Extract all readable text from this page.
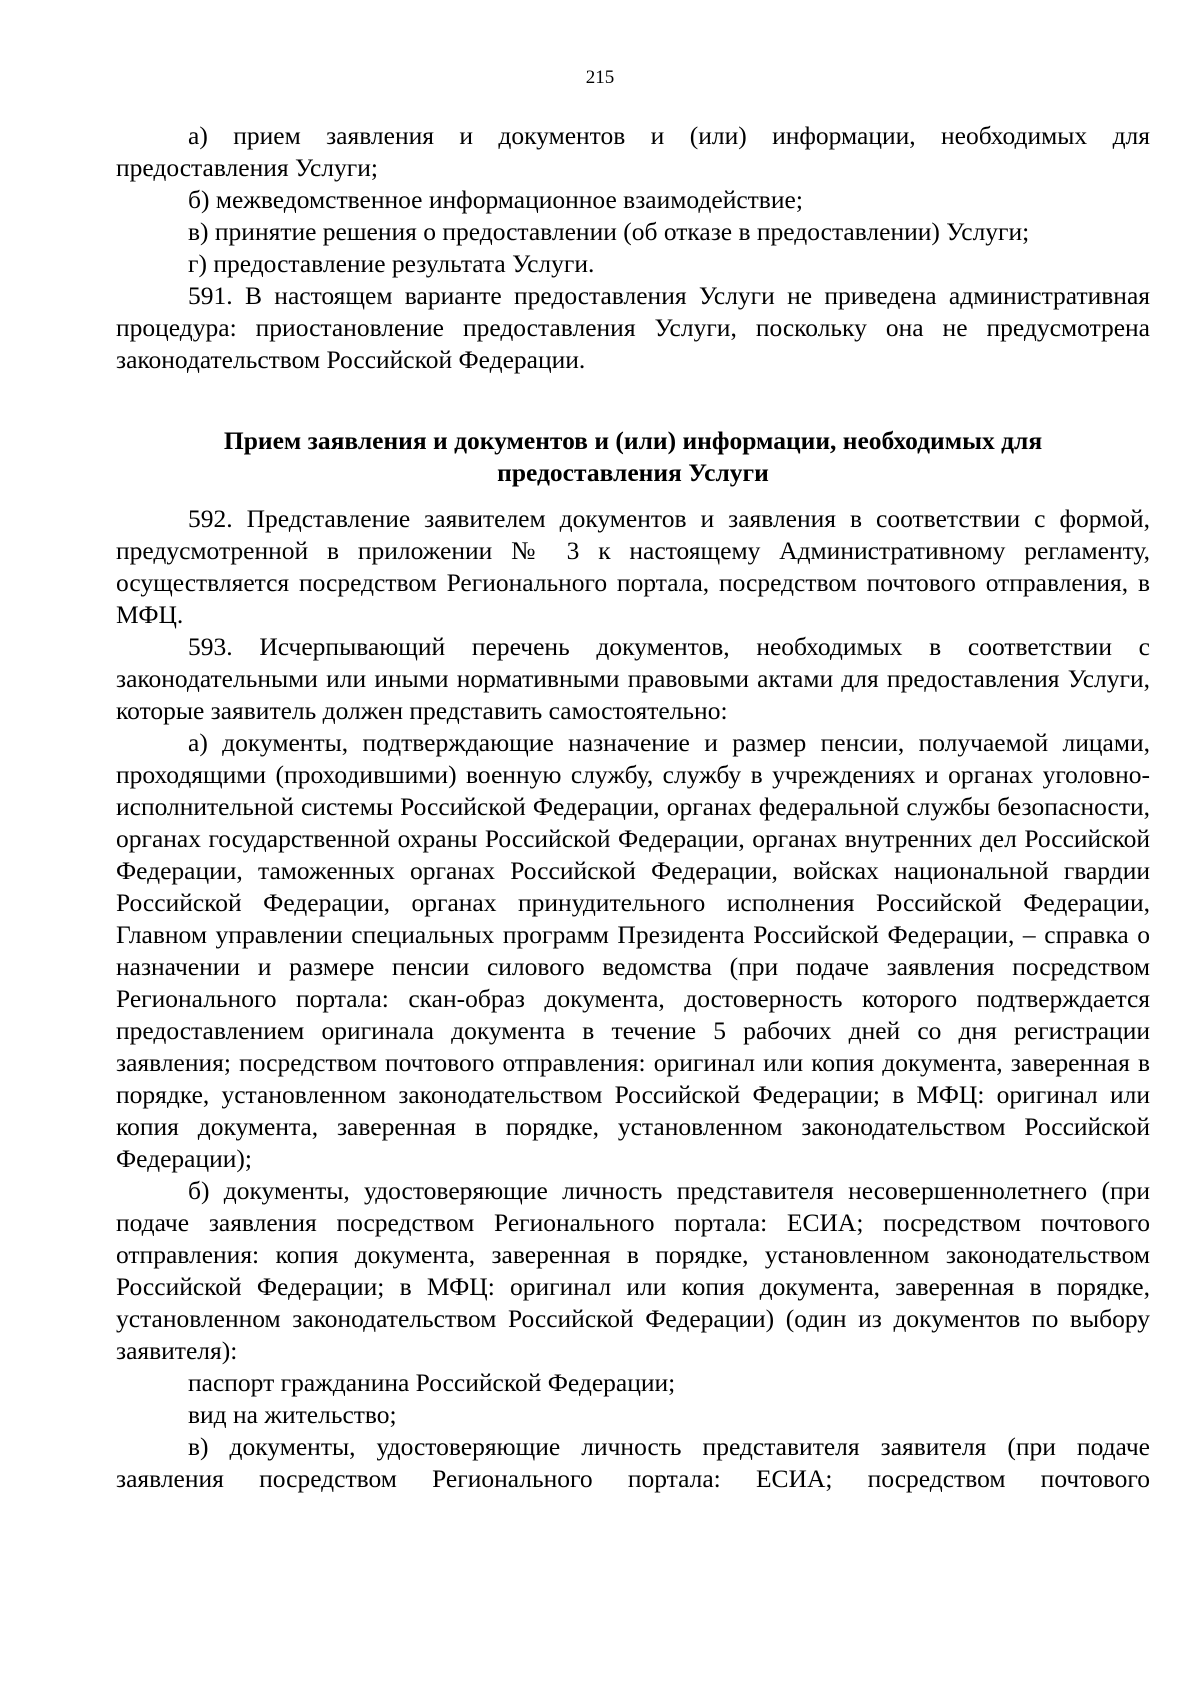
215

а) прием заявления и документов и (или) информации, необходимых для предоставления Услуги;

б) межведомственное информационное взаимодействие;

в) принятие решения о предоставлении (об отказе в предоставлении) Услуги;

г) предоставление результата Услуги.

591. В настоящем варианте предоставления Услуги не приведена административная процедура: приостановление предоставления Услуги, поскольку она не предусмотрена законодательством Российской Федерации.

Прием заявления и документов и (или) информации, необходимых для предоставления Услуги

592. Представление заявителем документов и заявления в соответствии с формой, предусмотренной в приложении № 3 к настоящему Административному регламенту, осуществляется посредством Регионального портала, посредством почтового отправления, в МФЦ.

593. Исчерпывающий перечень документов, необходимых в соответствии с законодательными или иными нормативными правовыми актами для предоставления Услуги, которые заявитель должен представить самостоятельно:

а) документы, подтверждающие назначение и размер пенсии, получаемой лицами, проходящими (проходившими) военную службу, службу в учреждениях и органах уголовно-исполнительной системы Российской Федерации, органах федеральной службы безопасности, органах государственной охраны Российской Федерации, органах внутренних дел Российской Федерации, таможенных органах Российской Федерации, войсках национальной гвардии Российской Федерации, органах принудительного исполнения Российской Федерации, Главном управлении специальных программ Президента Российской Федерации, – справка о назначении и размере пенсии силового ведомства (при подаче заявления посредством Регионального портала: скан-образ документа, достоверность которого подтверждается предоставлением оригинала документа в течение 5 рабочих дней со дня регистрации заявления; посредством почтового отправления: оригинал или копия документа, заверенная в порядке, установленном законодательством Российской Федерации; в МФЦ: оригинал или копия документа, заверенная в порядке, установленном законодательством Российской Федерации);

б) документы, удостоверяющие личность представителя несовершеннолетнего (при подаче заявления посредством Регионального портала: ЕСИА; посредством почтового отправления: копия документа, заверенная в порядке, установленном законодательством Российской Федерации; в МФЦ: оригинал или копия документа, заверенная в порядке, установленном законодательством Российской Федерации) (один из документов по выбору заявителя):

паспорт гражданина Российской Федерации;

вид на жительство;

в) документы, удостоверяющие личность представителя заявителя (при подаче заявления посредством Регионального портала: ЕСИА; посредством почтового
